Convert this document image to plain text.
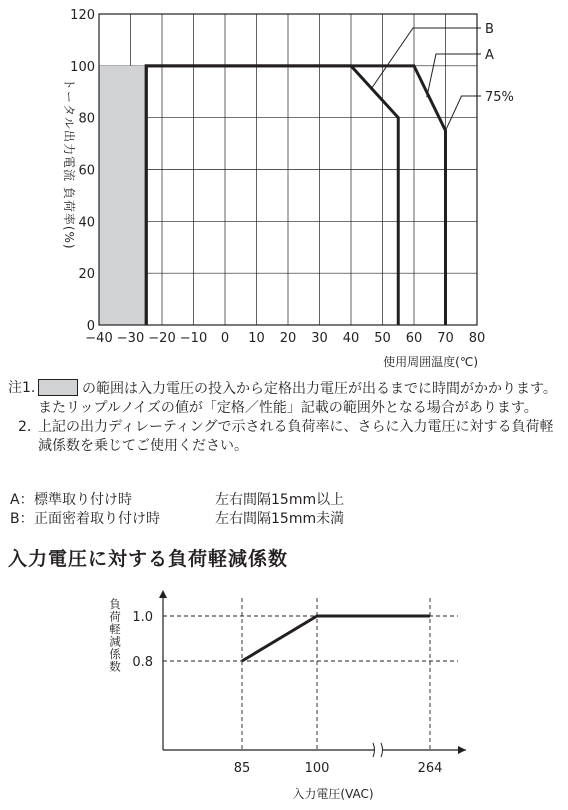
−40 −30 −20 −10 0 10 20 30 40 50 60 70 80
0
20
40
60
80
100
120
B
A
75%
使用周囲温度(℃)
トータル出力電流 負荷率(%)
注1.	の範囲は入力電圧の投入から定格出力電圧が出るまでに時間がかかります。またリップルノイズの値が「定格／性能」記載の範囲外となる場合があります。
2. 上記の出力ディレーティングで示される負荷率に、さらに入力電圧に対する負荷軽減係数を乗じてご使用ください。
A： 標準取り付け時	左右間隔15mm以上
B： 正面密着取り付け時	左右間隔15mm未満
入力電圧に対する負荷軽減係数
0.8
1.0
85	100	264
入力電圧(VAC)
負
荷
軽
減
係
数
